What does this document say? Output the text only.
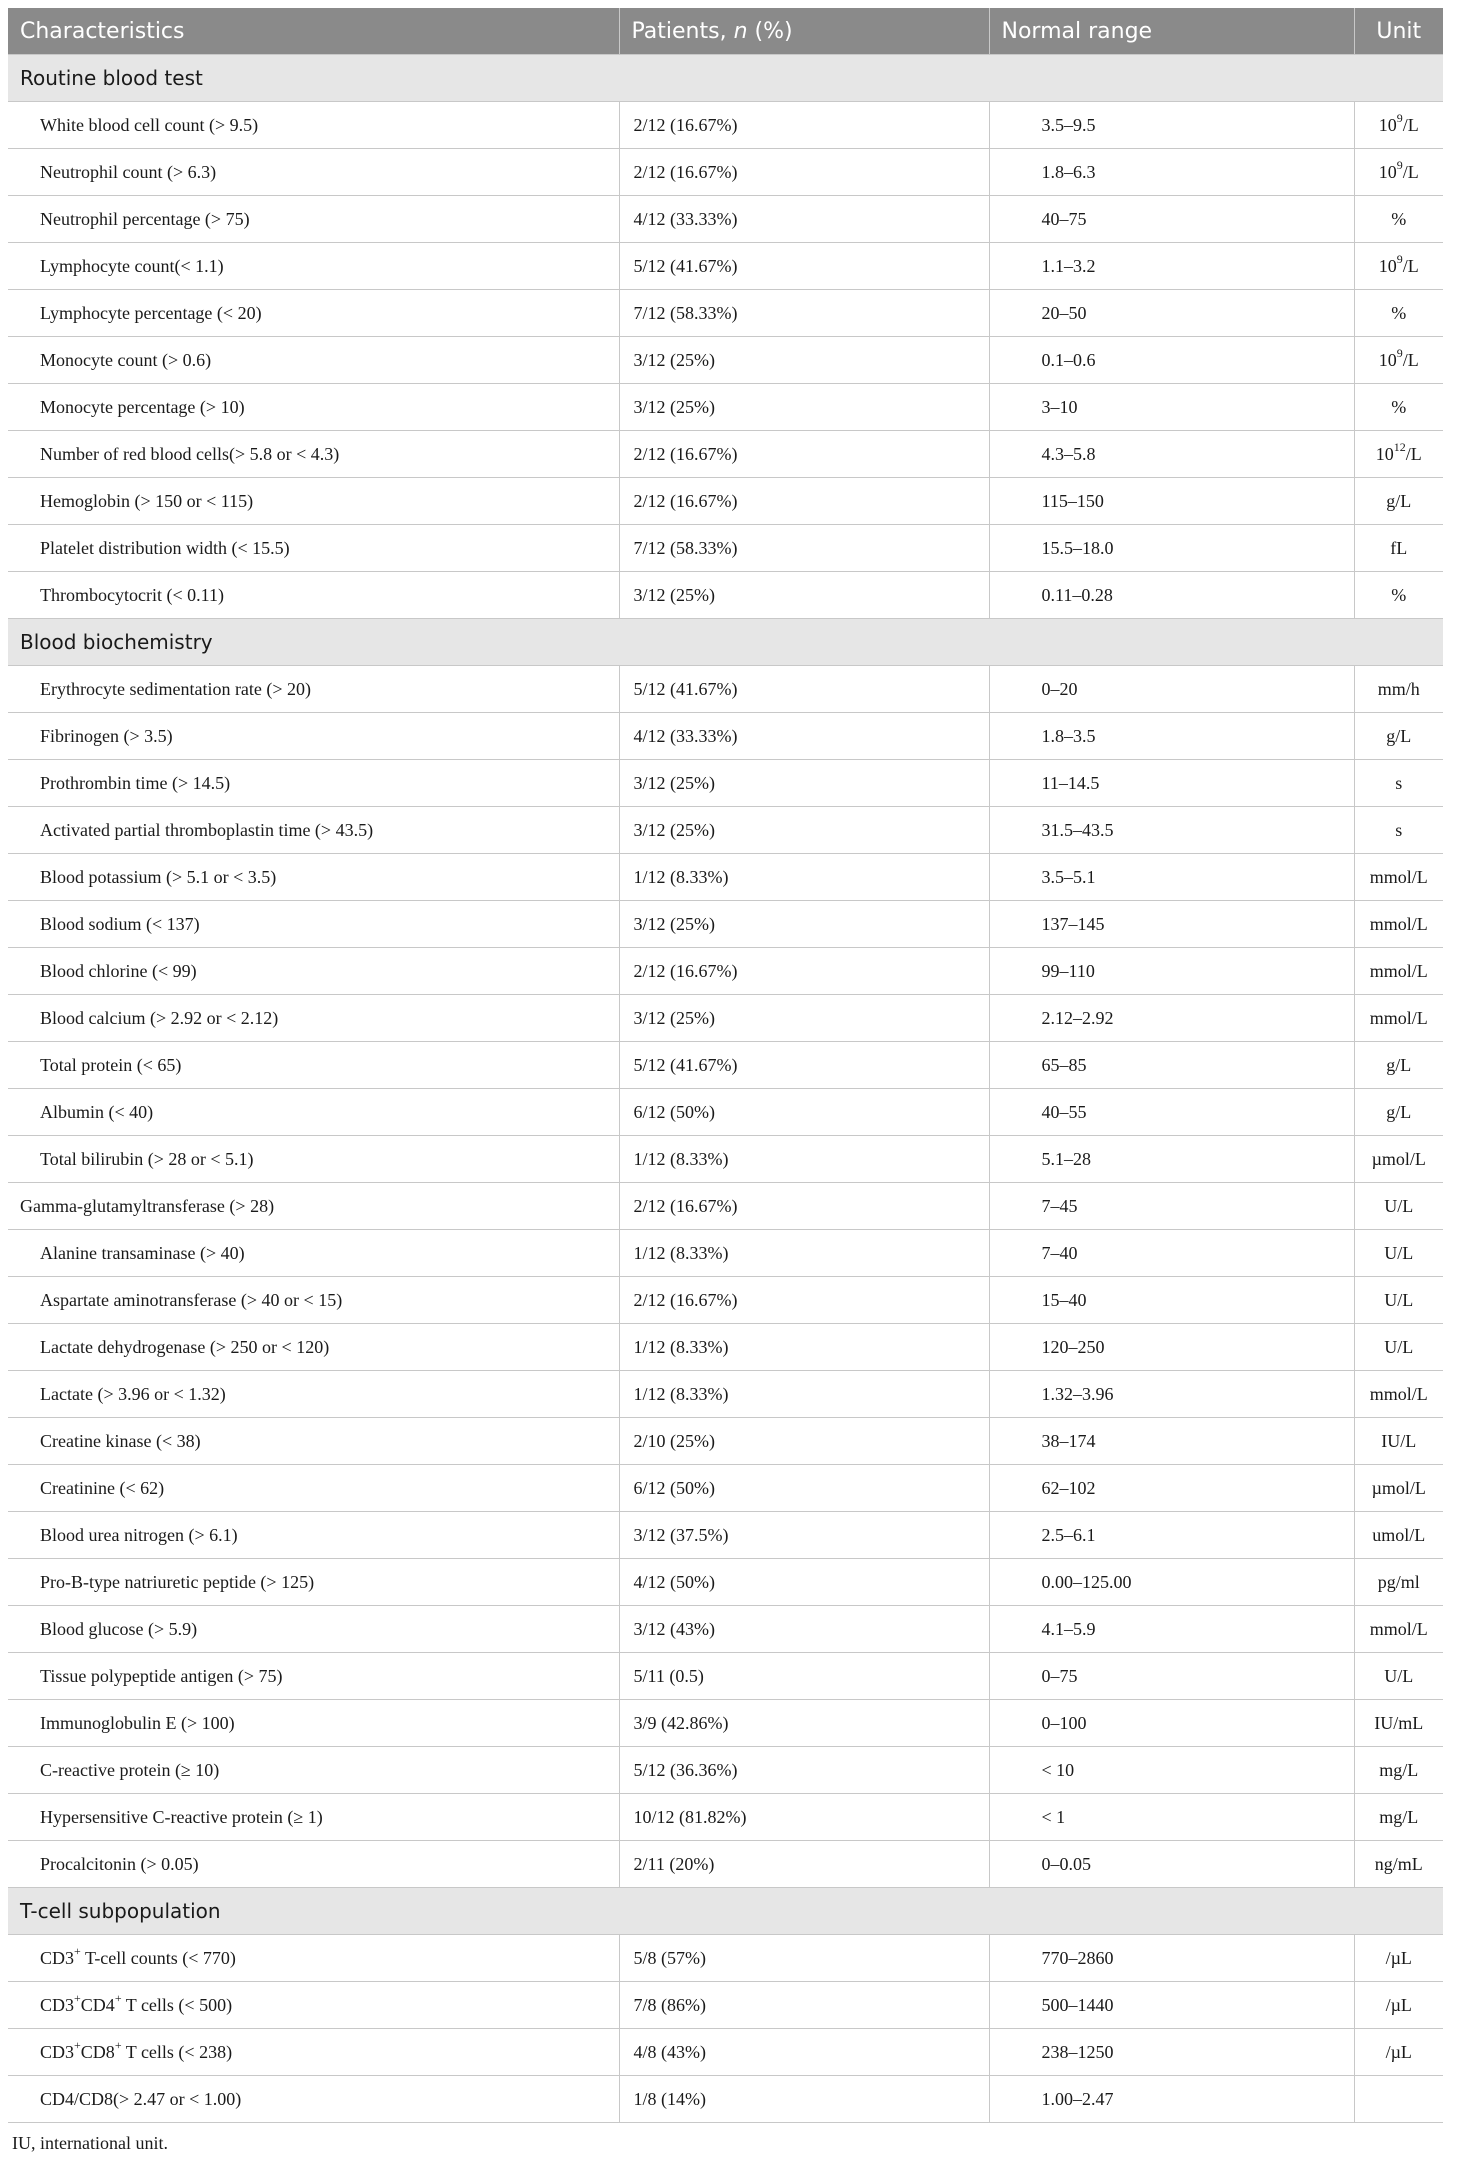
Characteristics	Patients, n (%)	Normal range	Unit
Routine blood test			
White blood cell count (> 9.5)	2/12 (16.67%)	3.5–9.5	$10^9/L$
Neutrophil count (> 6.3)	2/12 (16.67%)	1.8–6.3	$10^9/L$
Neutrophil percentage (> 75)	4/12 (33.33%)	40–75	%
Lymphocyte count(< 1.1)	5/12 (41.67%)	1.1–3.2	$10^9/L$
Lymphocyte percentage (< 20)	7/12 (58.33%)	20–50	%
Monocyte count (> 0.6)	3/12 (25%)	0.1–0.6	$10^9/L$
Monocyte percentage (> 10)	3/12 (25%)	3–10	%
Number of red blood cells(> 5.8 or < 4.3)	2/12 (16.67%)	4.3–5.8	$10^{12}/L$
Hemoglobin (> 150 or < 115)	2/12 (16.67%)	115–150	g/L
Platelet distribution width (< 15.5)	7/12 (58.33%)	15.5–18.0	fL
Thrombocytocrit (< 0.11)	3/12 (25%)	0.11–0.28	%
Blood biochemistry			
Erythrocyte sedimentation rate (> 20)	5/12 (41.67%)	0–20	mm/h
Fibrinogen (> 3.5)	4/12 (33.33%)	1.8–3.5	g/L
Prothrombin time (> 14.5)	3/12 (25%)	11–14.5	s
Activated partial thromboplastin time (> 43.5)	3/12 (25%)	31.5–43.5	s
Blood potassium (> 5.1 or < 3.5)	1/12 (8.33%)	3.5–5.1	mmol/L
Blood sodium (< 137)	3/12 (25%)	137–145	mmol/L
Blood chlorine (< 99)	2/12 (16.67%)	99–110	mmol/L
Blood calcium (> 2.92 or < 2.12)	3/12 (25%)	2.12–2.92	mmol/L
Total protein (< 65)	5/12 (41.67%)	65–85	g/L
Albumin (< 40)	6/12 (50%)	40–55	g/L
Total bilirubin (> 28 or < 5.1)	1/12 (8.33%)	5.1–28	µmol/L
Gamma-glutamyltransferase (> 28)	2/12 (16.67%)	7–45	U/L
Alanine transaminase (> 40)	1/12 (8.33%)	7–40	U/L
Aspartate aminotransferase (> 40 or < 15)	2/12 (16.67%)	15–40	U/L
Lactate dehydrogenase (> 250 or < 120)	1/12 (8.33%)	120–250	U/L
Lactate (> 3.96 or < 1.32)	1/12 (8.33%)	1.32–3.96	mmol/L
Creatine kinase (< 38)	2/10 (25%)	38–174	IU/L
Creatinine (< 62)	6/12 (50%)	62–102	µmol/L
Blood urea nitrogen (> 6.1)	3/12 (37.5%)	2.5–6.1	umol/L
Pro-B-type natriuretic peptide (> 125)	4/12 (50%)	0.00–125.00	pg/ml
Blood glucose (> 5.9)	3/12 (43%)	4.1–5.9	mmol/L
Tissue polypeptide antigen (> 75)	5/11 (0.5)	0–75	U/L
Immunoglobulin E (> 100)	3/9 (42.86%)	0–100	IU/mL
C-reactive protein (≥ 10)	5/12 (36.36%)	< 10	mg/L
Hypersensitive C-reactive protein (≥ 1)	10/12 (81.82%)	< 1	mg/L
Procalcitonin (> 0.05)	2/11 (20%)	0–0.05	ng/mL
T-cell subpopulation			
CD3+ T-cell counts (< 770)	5/8 (57%)	770–2860	/µL
CD3+CD4+ T cells (< 500)	7/8 (86%)	500–1440	/µL
CD3+CD8+ T cells (< 238)	4/8 (43%)	238–1250	/µL
CD4/CD8(> 2.47 or < 1.00)	1/8 (14%)	1.00–2.47	
IU, international unit.
